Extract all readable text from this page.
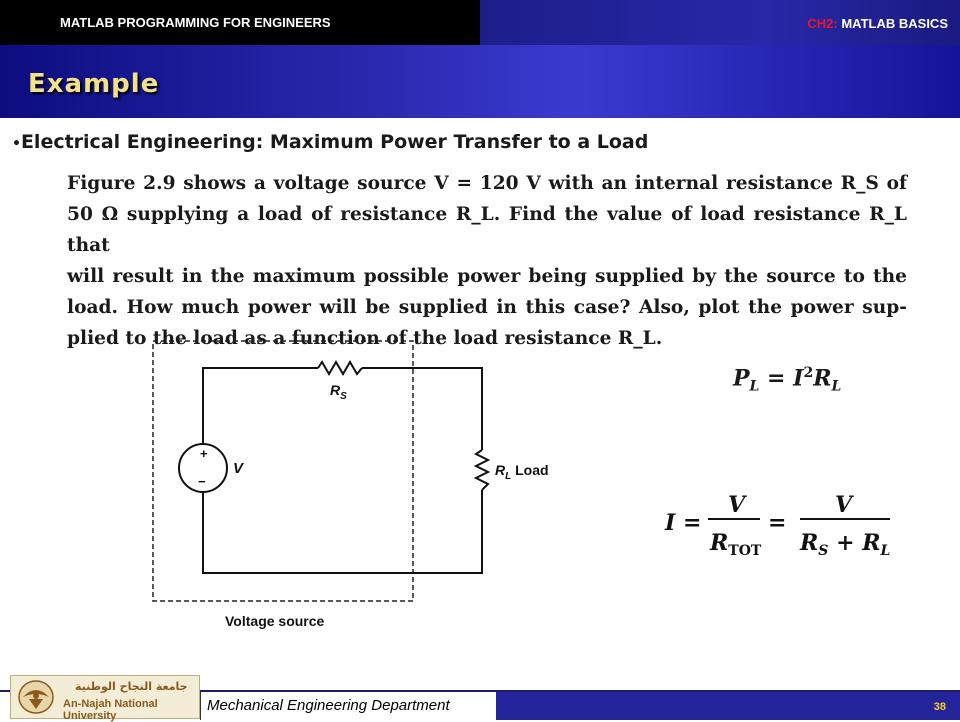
MATLAB PROGRAMMING FOR ENGINEERS	CH2: MATLAB BASICS
Example
•Electrical Engineering: Maximum Power Transfer to a Load
Figure 2.9 shows a voltage source V = 120 V with an internal resistance R_S of
50 Ω supplying a load of resistance R_L. Find the value of load resistance R_L that
will result in the maximum possible power being supplied by the source to the
load. How much power will be supplied in this case? Also, plot the power sup-
plied to the load as a function of the load resistance R_L.
+
−
V
$R_S$
$R_L$ Load
Voltage source
$P_L = I^2R_L$
I =
V
$R_{TOT}$
=
V
$R_S + R_L$
Mechanical Engineering Department	38
جامعة النجاح الوطنية
An-Najah National University
